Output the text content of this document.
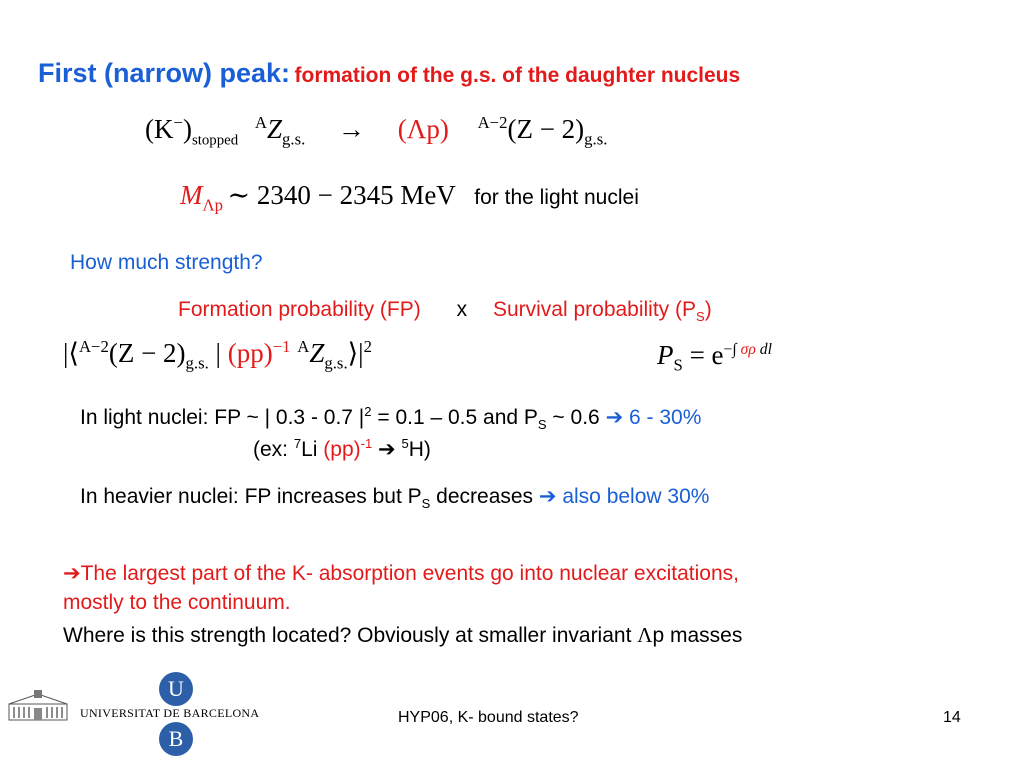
First (narrow) peak: formation of the g.s. of the daughter nucleus
$(K^-)_{stopped}$ $^AZ_{g.s.} \to (\Lambda p) ^{A-2}(Z - 2)_{g.s.}$
$M_{\Lambda p}$ ∼ 2340 − 2345 MeV for the light nuclei
How much strength?
Formation probability (FP) x Survival probability $(P_S)$
|⟨$^{A-2}$(Z − $2)_{g.s.}$ | (pp)$^{-1}$ $^AZ_{g.s.}⟩|^2$	$P_S = e^{-\int \sigma\rho dl}$
In light nuclei: FP ~ | 0.3 - 0.7 $|^2 = 0.1 - 0.5$ and $P_S$ ~ 0.6 ➔ 6 - 30%
(ex: $^7$Li (pp)$^{-1}$ ➔ $^5$H)
In heavier nuclei: FP increases but $P_S$ decreases ➔ also below 30%
➔The largest part of the K- absorption events go into nuclear excitations,
mostly to the continuum.
Where is this strength located? Obviously at smaller invariant Λp masses
UNIVERSITAT DE BARCELONA
U
B
HYP06, K- bound states?	14
